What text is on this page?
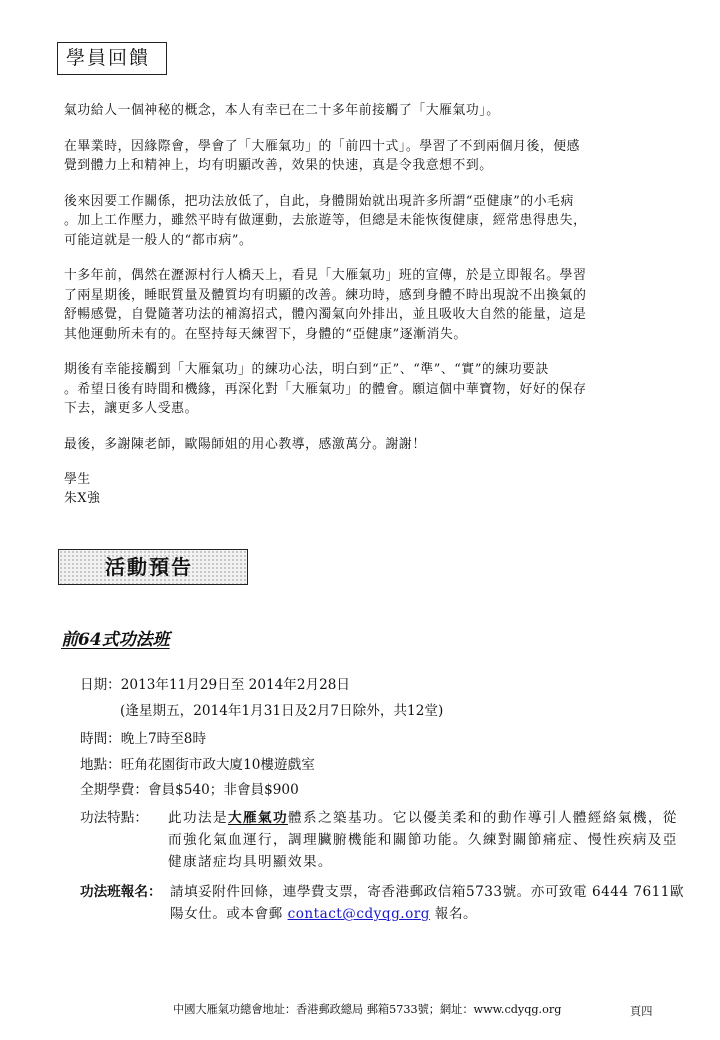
學員回饋

氣功給人一個神秘的概念，本人有幸已在二十多年前接觸了「大雁氣功」。

在畢業時，因緣際會，學會了「大雁氣功」的「前四十式」。學習了不到兩個月後，便感
覺到體力上和精神上，均有明顯改善，效果的快速，真是令我意想不到。

後來因要工作關係，把功法放低了，自此，身體開始就出現許多所謂“亞健康”的小毛病
。加上工作壓力，雖然平時有做運動，去旅遊等，但總是未能恢復健康，經常患得患失，
可能這就是一般人的“都市病”。

十多年前，偶然在瀝源村行人橋天上，看見「大雁氣功」班的宣傳，於是立即報名。學習
了兩星期後，睡眠質量及體質均有明顯的改善。練功時，感到身體不時出現說不出換氣的
舒暢感覺，自覺隨著功法的補瀉招式，體內濁氣向外排出，並且吸收大自然的能量，這是
其他運動所未有的。在堅持每天練習下，身體的“亞健康”逐漸消失。

期後有幸能接觸到「大雁氣功」的練功心法，明白到“正”、“準”、“實”的練功要訣
。希望日後有時間和機緣，再深化對「大雁氣功」的體會。願這個中華寶物，好好的保存
下去，讓更多人受惠。

最後，多謝陳老師，歐陽師姐的用心教導，感激萬分。謝謝！

學生
朱X強
活動預告
前64式功法班
日期：2013年11月29日至 2014年2月28日
(逢星期五，2014年1月31日及2月7日除外，共12堂)
時間：晚上7時至8時
地點：旺角花園街市政大廈10樓遊戲室
全期學費：會員$540；非會員$900
功法特點： 此功法是大雁氣功體系之築基功。它以優美柔和的動作導引人體經絡氣機，從而強化氣血運行，調理臟腑機能和關節功能。久練對關節痛症、慢性疾病及亞健康諸症均具明顯效果。
功法班報名： 請填妥附件回條，連學費支票，寄香港郵政信箱5733號。亦可致電 6444 7611歐陽女仕。或本會郵 contact@cdyqg.org 報名。
中國大雁氣功總會地址：香港郵政總局 郵箱5733號；網址：www.cdyqg.org	頁四
